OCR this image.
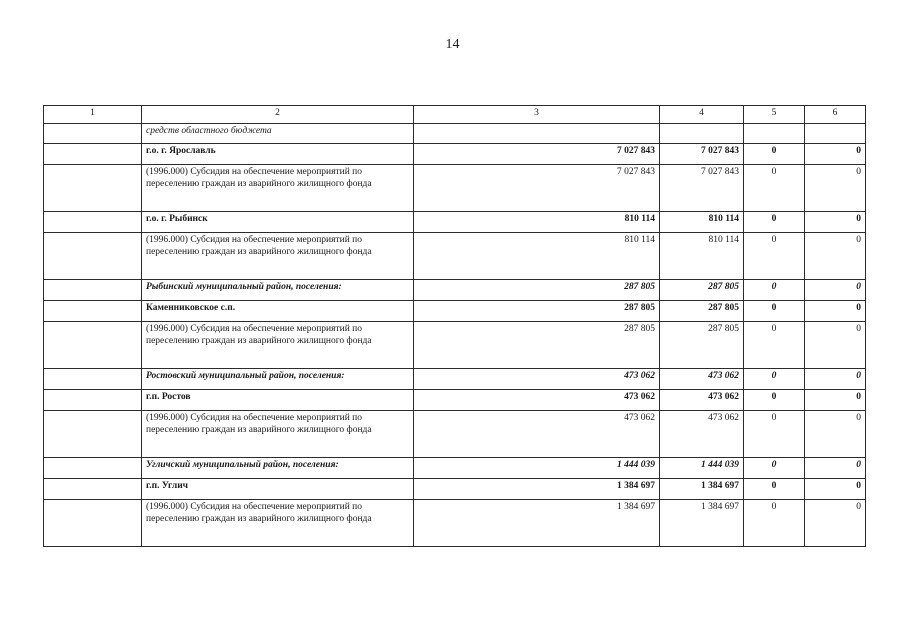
14
1	2	3	4	5	6
	средств областного бюджета				
	г.о. г. Ярославль	7 027 843	7 027 843	0	0
	(1996.000) Субсидия на обеспечение мероприятий по переселению граждан из аварийного жилищного фонда	7 027 843	7 027 843	0	0
	г.о. г. Рыбинск	810 114	810 114	0	0
	(1996.000) Субсидия на обеспечение мероприятий по переселению граждан из аварийного жилищного фонда	810 114	810 114	0	0
	Рыбинский муниципальный район, поселения:	287 805	287 805	0	0
	Каменниковское с.п.	287 805	287 805	0	0
	(1996.000) Субсидия на обеспечение мероприятий по переселению граждан из аварийного жилищного фонда	287 805	287 805	0	0
	Ростовский муниципальный район, поселения:	473 062	473 062	0	0
	г.п. Ростов	473 062	473 062	0	0
	(1996.000) Субсидия на обеспечение мероприятий по переселению граждан из аварийного жилищного фонда	473 062	473 062	0	0
	Угличский муниципальный район, поселения:	1 444 039	1 444 039	0	0
	г.п. Углич	1 384 697	1 384 697	0	0
	(1996.000) Субсидия на обеспечение мероприятий по переселению граждан из аварийного жилищного фонда	1 384 697	1 384 697	0	0
